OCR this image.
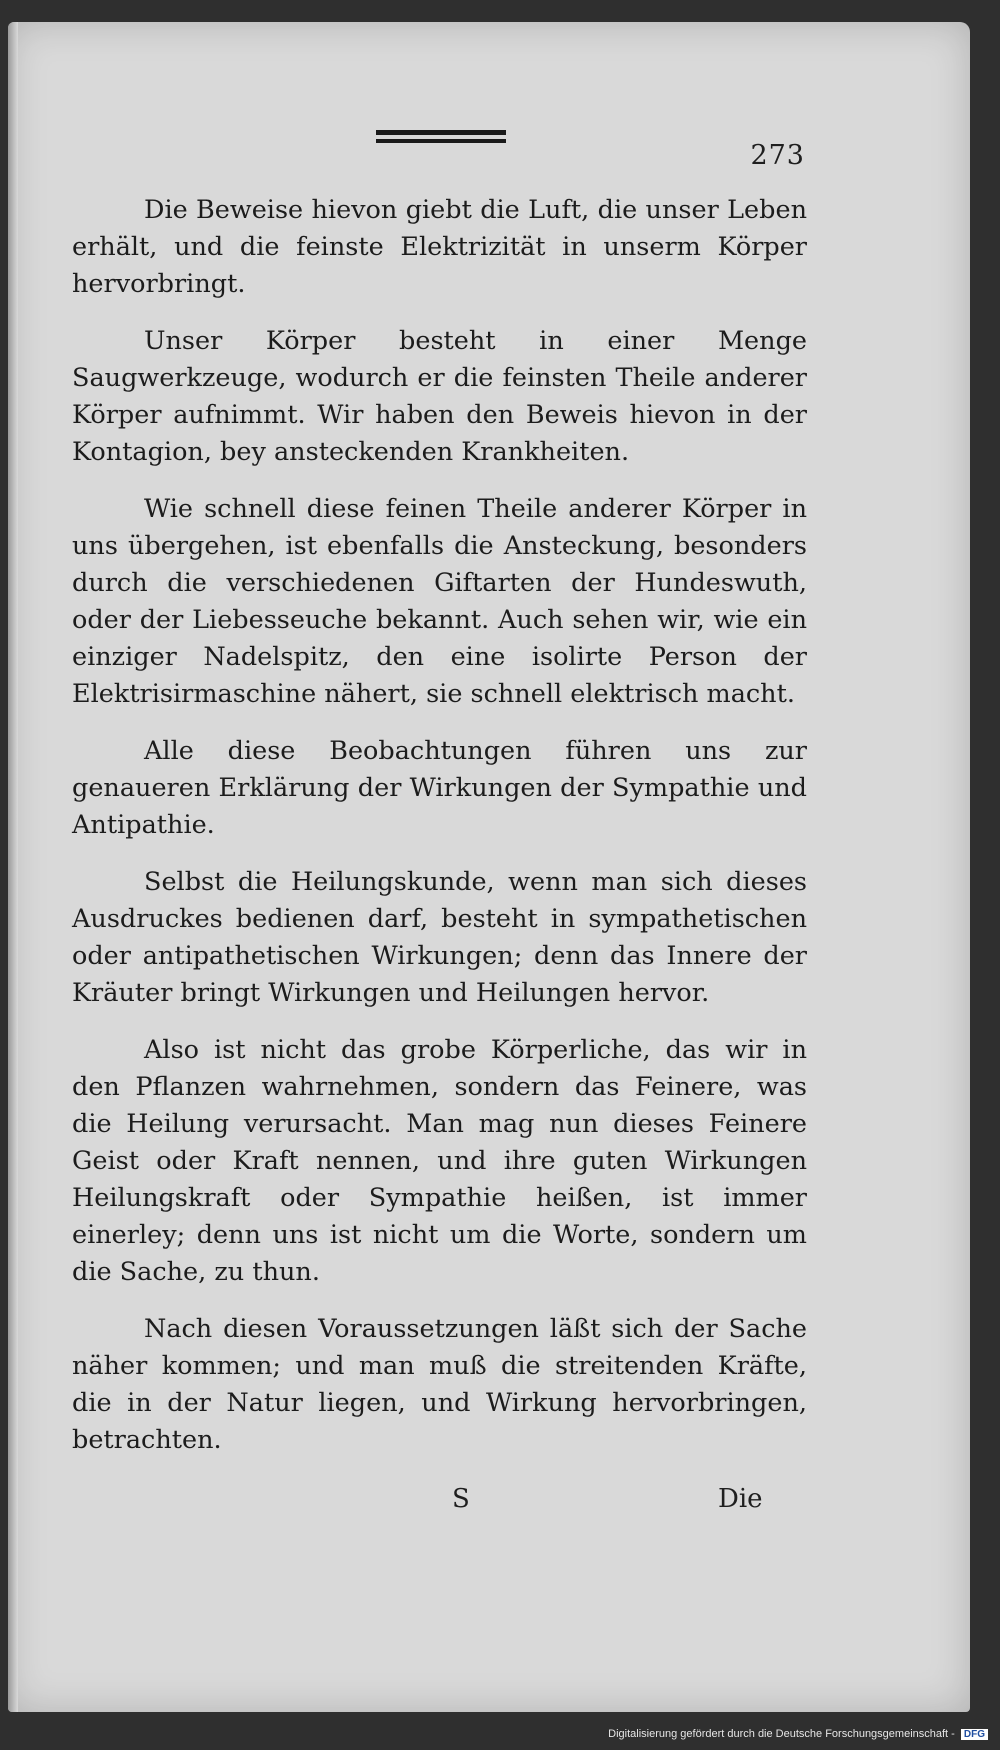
273

Die Beweise hievon giebt die Luft, die unser Leben erhält, und die feinste Elektrizität in unserm Körper hervorbringt.

Unser Körper besteht in einer Menge Saugwerkzeuge, wodurch er die feinsten Theile anderer Körper aufnimmt. Wir haben den Beweis hievon in der Kontagion, bey ansteckenden Krankheiten.

Wie schnell diese feinen Theile anderer Körper in uns übergehen, ist ebenfalls die Ansteckung, besonders durch die verschiedenen Giftarten der Hundeswuth, oder der Liebesseuche bekannt. Auch sehen wir, wie ein einziger Nadelspitz, den eine isolirte Person der Elektrisirmaschine nähert, sie schnell elektrisch macht.

Alle diese Beobachtungen führen uns zur genaueren Erklärung der Wirkungen der Sympathie und Antipathie.

Selbst die Heilungskunde, wenn man sich dieses Ausdruckes bedienen darf, besteht in sympathetischen oder antipathetischen Wirkungen; denn das Innere der Kräuter bringt Wirkungen und Heilungen hervor.

Also ist nicht das grobe Körperliche, das wir in den Pflanzen wahrnehmen, sondern das Feinere, was die Heilung verursacht. Man mag nun dieses Feinere Geist oder Kraft nennen, und ihre guten Wirkungen Heilungskraft oder Sympathie heißen, ist immer einerley; denn uns ist nicht um die Worte, sondern um die Sache, zu thun.

Nach diesen Voraussetzungen läßt sich der Sache näher kommen; und man muß die streitenden Kräfte, die in der Natur liegen, und Wirkung hervorbringen, betrachten.

S	Die
Digitalisierung gefördert durch die Deutsche Forschungsgemeinschaft - DFG
